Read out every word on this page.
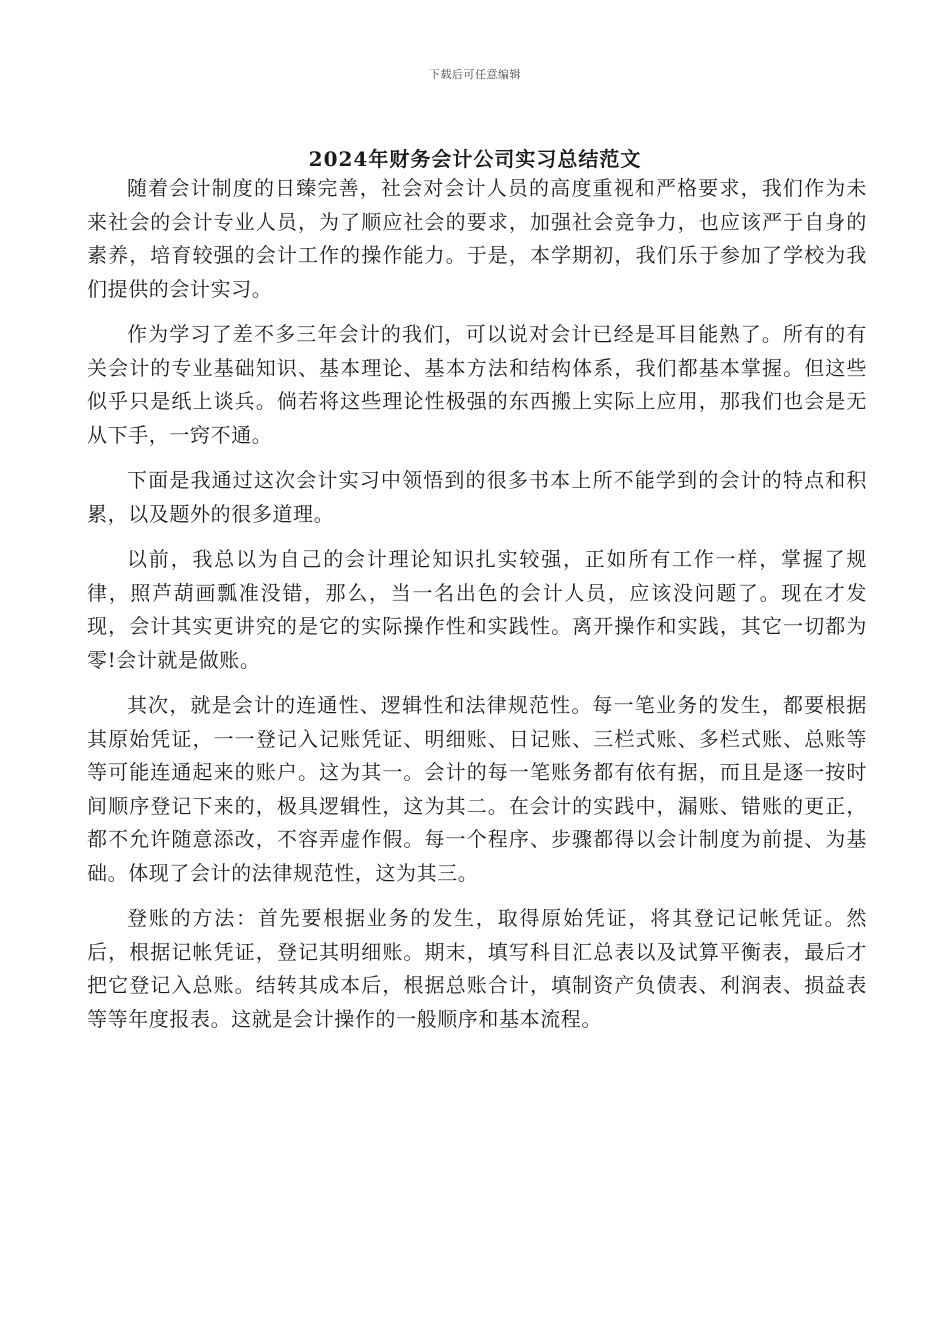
下载后可任意编辑
2024年财务会计公司实习总结范文

随着会计制度的日臻完善，社会对会计人员的高度重视和严格要求，我们作为未来社会的会计专业人员，为了顺应社会的要求，加强社会竞争力，也应该严于自身的素养，培育较强的会计工作的操作能力。于是，本学期初，我们乐于参加了学校为我们提供的会计实习。

作为学习了差不多三年会计的我们，可以说对会计已经是耳目能熟了。所有的有关会计的专业基础知识、基本理论、基本方法和结构体系，我们都基本掌握。但这些似乎只是纸上谈兵。倘若将这些理论性极强的东西搬上实际上应用，那我们也会是无从下手，一窍不通。

下面是我通过这次会计实习中领悟到的很多书本上所不能学到的会计的特点和积累，以及题外的很多道理。

以前，我总以为自己的会计理论知识扎实较强，正如所有工作一样，掌握了规律，照芦葫画瓢准没错，那么，当一名出色的会计人员，应该没问题了。现在才发现，会计其实更讲究的是它的实际操作性和实践性。离开操作和实践，其它一切都为零!会计就是做账。

其次，就是会计的连通性、逻辑性和法律规范性。每一笔业务的发生，都要根据其原始凭证，一一登记入记账凭证、明细账、日记账、三栏式账、多栏式账、总账等等可能连通起来的账户。这为其一。会计的每一笔账务都有依有据，而且是逐一按时间顺序登记下来的，极具逻辑性，这为其二。在会计的实践中，漏账、错账的更正，都不允许随意添改，不容弄虚作假。每一个程序、步骤都得以会计制度为前提、为基础。体现了会计的法律规范性，这为其三。

登账的方法：首先要根据业务的发生，取得原始凭证，将其登记记帐凭证。然后，根据记帐凭证，登记其明细账。期末，填写科目汇总表以及试算平衡表，最后才把它登记入总账。结转其成本后，根据总账合计，填制资产负债表、利润表、损益表等等年度报表。这就是会计操作的一般顺序和基本流程。
